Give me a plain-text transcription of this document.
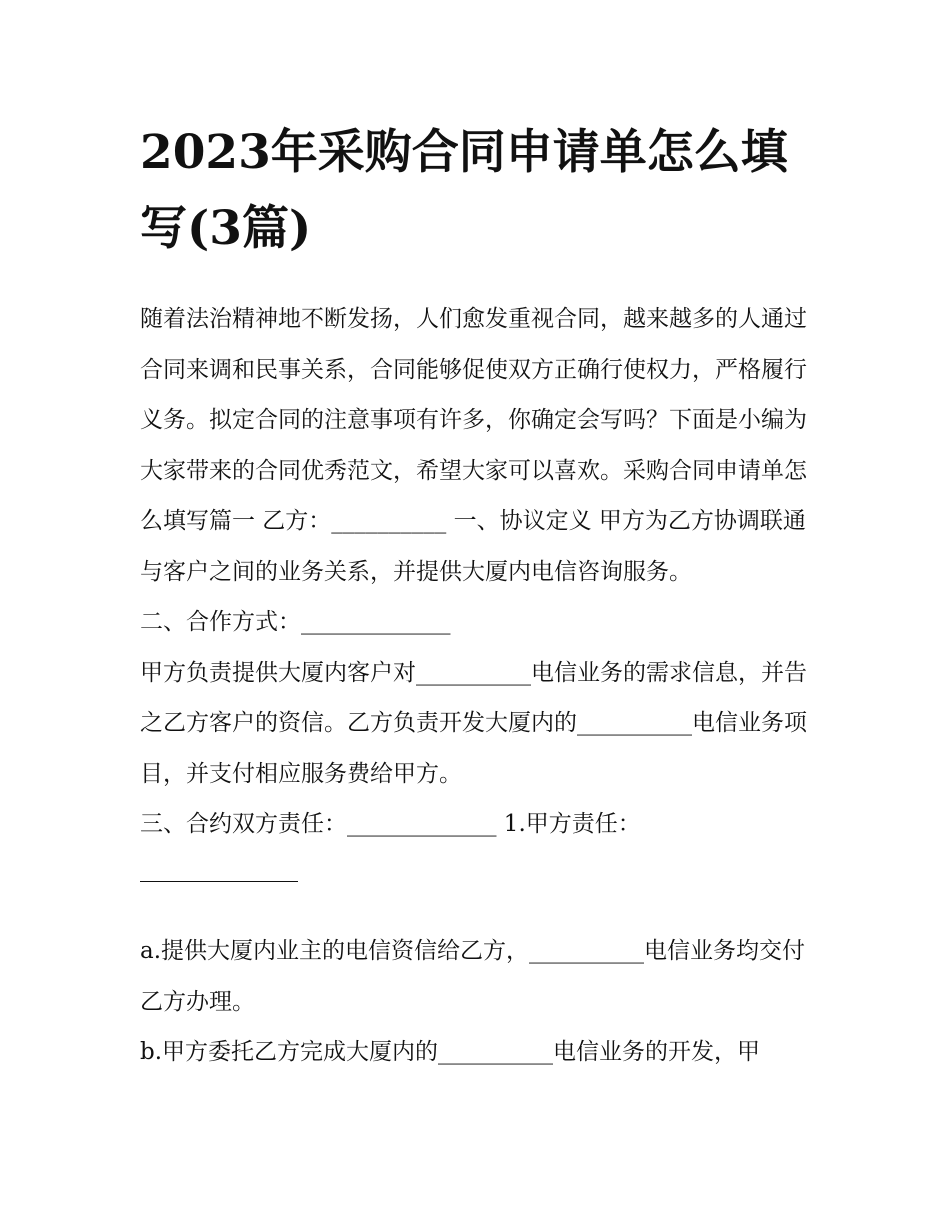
2023年采购合同申请单怎么填写(3篇)

随着法治精神地不断发扬，人们愈发重视合同，越来越多的人通过合同来调和民事关系，合同能够促使双方正确行使权力，严格履行义务。拟定合同的注意事项有许多，你确定会写吗？下面是小编为大家带来的合同优秀范文，希望大家可以喜欢。采购合同申请单怎么填写篇一 乙方：__________ 一、协议定义 甲方为乙方协调联通与客户之间的业务关系，并提供大厦内电信咨询服务。

二、合作方式：_____________

甲方负责提供大厦内客户对__________电信业务的需求信息，并告之乙方客户的资信。乙方负责开发大厦内的__________电信业务项目，并支付相应服务费给甲方。

三、合约双方责任：_____________ 1.甲方责任：

a.提供大厦内业主的电信资信给乙方，__________电信业务均交付乙方办理。

b.甲方委托乙方完成大厦内的__________电信业务的开发，甲
